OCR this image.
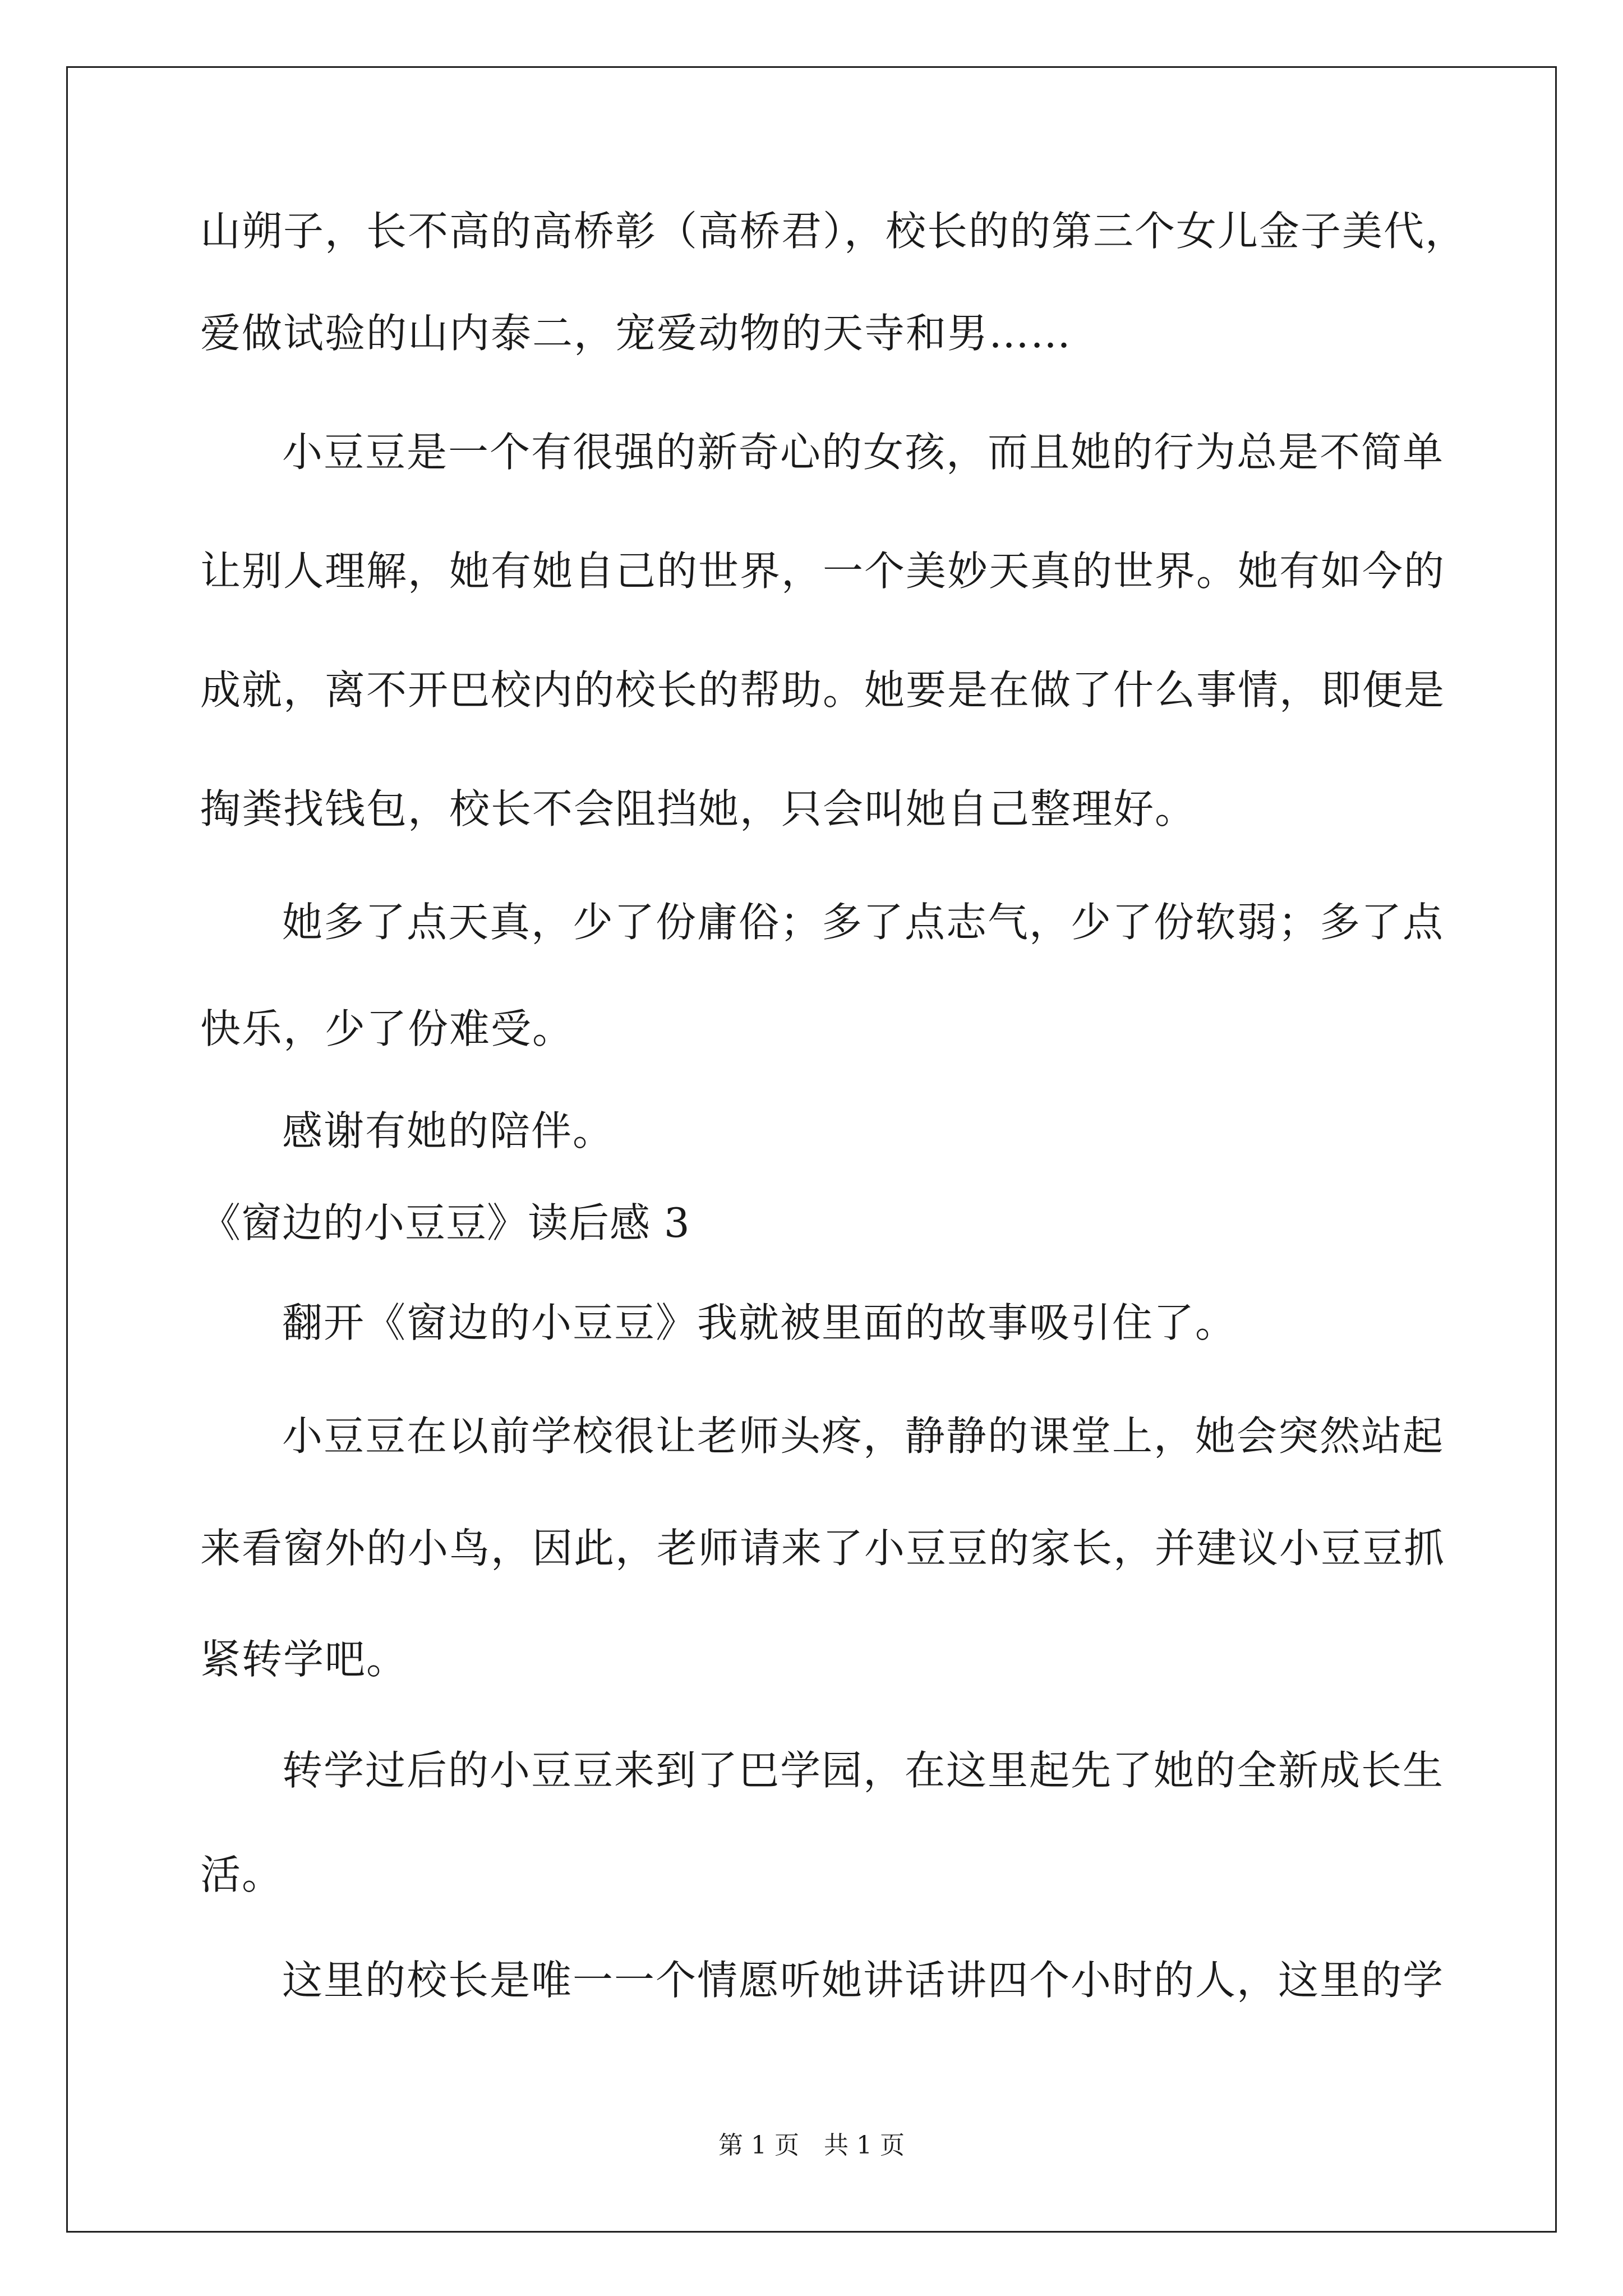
山朔子，长不高的高桥彰（高桥君），校长的的第三个女儿金子美代，
爱做试验的山内泰二，宠爱动物的天寺和男……
小豆豆是一个有很强的新奇心的女孩，而且她的行为总是不简单
让别人理解，她有她自己的世界，一个美妙天真的世界。她有如今的
成就，离不开巴校内的校长的帮助。她要是在做了什么事情，即便是
掏粪找钱包，校长不会阻挡她，只会叫她自己整理好。
她多了点天真，少了份庸俗；多了点志气，少了份软弱；多了点
快乐，少了份难受。
感谢有她的陪伴。
《窗边的小豆豆》读后感 3
翻开《窗边的小豆豆》我就被里面的故事吸引住了。
小豆豆在以前学校很让老师头疼，静静的课堂上，她会突然站起
来看窗外的小鸟，因此，老师请来了小豆豆的家长，并建议小豆豆抓
紧转学吧。
转学过后的小豆豆来到了巴学园，在这里起先了她的全新成长生
活。
这里的校长是唯一一个情愿听她讲话讲四个小时的人，这里的学
第 1 页　共 1 页
